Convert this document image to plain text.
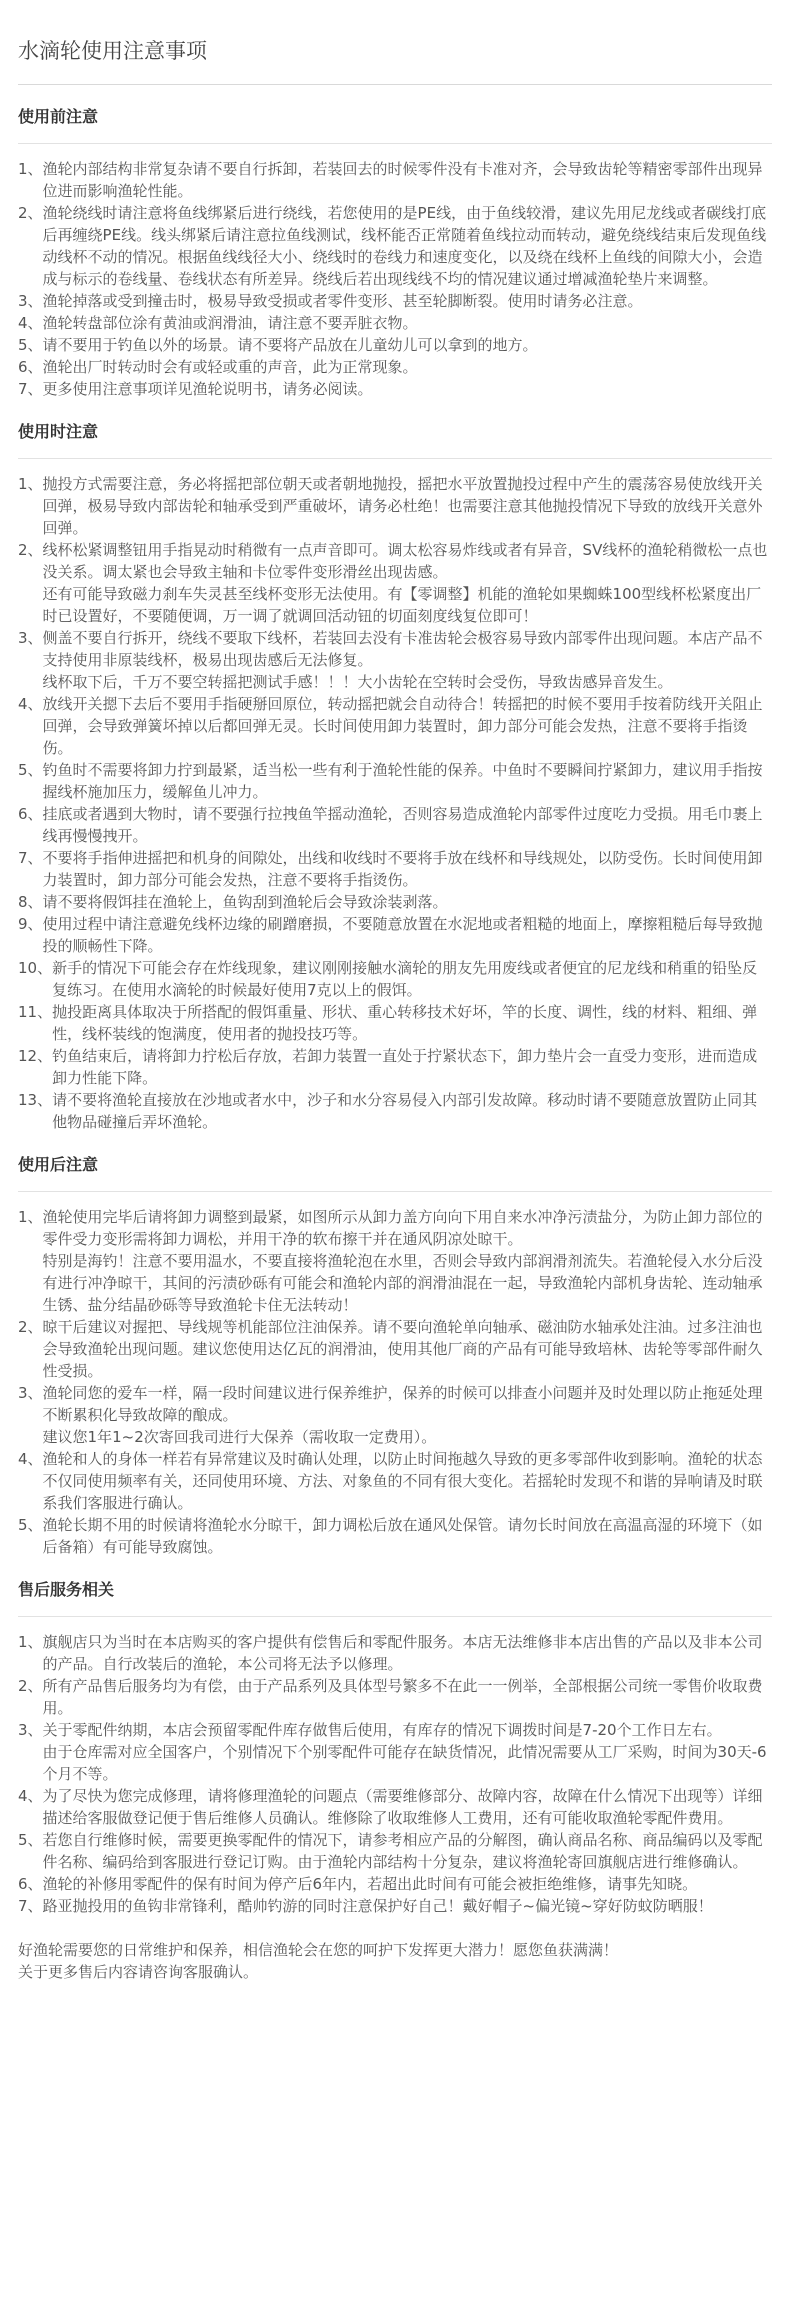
水滴轮使用注意事项
使用前注意
1、 渔轮内部结构非常复杂请不要自行拆卸，若装回去的时候零件没有卡准对齐，会导致齿轮等精密零部件出现异位进而影响渔轮性能。

2、 渔轮绕线时请注意将鱼线绑紧后进行绕线，若您使用的是PE线，由于鱼线较滑，建议先用尼龙线或者碳线打底后再缠绕PE线。线头绑紧后请注意拉鱼线测试，线杯能否正常随着鱼线拉动而转动，避免绕线结束后发现鱼线动线杯不动的情况。根据鱼线线径大小、绕线时的卷线力和速度变化，以及绕在线杯上鱼线的间隙大小，会造成与标示的卷线量、卷线状态有所差异。绕线后若出现线线不均的情况建议通过增减渔轮垫片来调整。

3、 渔轮掉落或受到撞击时，极易导致受损或者零件变形、甚至轮脚断裂。使用时请务必注意。

4、 渔轮转盘部位涂有黄油或润滑油，请注意不要弄脏衣物。

5、 请不要用于钓鱼以外的场景。请不要将产品放在儿童幼儿可以拿到的地方。

6、 渔轮出厂时转动时会有或轻或重的声音，此为正常现象。

7、 更多使用注意事项详见渔轮说明书，请务必阅读。

使用时注意
1、 抛投方式需要注意，务必将摇把部位朝天或者朝地抛投，摇把水平放置抛投过程中产生的震荡容易使放线开关回弹，极易导致内部齿轮和轴承受到严重破坏，请务必杜绝！也需要注意其他抛投情况下导致的放线开关意外回弹。

2、 线杯松紧调整钮用手指晃动时稍微有一点声音即可。调太松容易炸线或者有异音，SV线杯的渔轮稍微松一点也没关系。调太紧也会导致主轴和卡位零件变形滑丝出现齿感。

还有可能导致磁力刹车失灵甚至线杯变形无法使用。有【零调整】机能的渔轮如果蜘蛛100型线杯松紧度出厂时已设置好，不要随便调，万一调了就调回活动钮的切面刻度线复位即可！

3、 侧盖不要自行拆开，绕线不要取下线杯，若装回去没有卡准齿轮会极容易导致内部零件出现问题。本店产品不支持使用非原装线杯，极易出现齿感后无法修复。

线杯取下后，千万不要空转摇把测试手感！！！大小齿轮在空转时会受伤，导致齿感异音发生。

4、 放线开关摁下去后不要用手指硬掰回原位，转动摇把就会自动待合！转摇把的时候不要用手按着防线开关阻止回弹，会导致弹簧坏掉以后都回弹无灵。长时间使用卸力装置时，卸力部分可能会发热，注意不要将手指烫伤。

5、 钓鱼时不需要将卸力拧到最紧，适当松一些有利于渔轮性能的保养。中鱼时不要瞬间拧紧卸力，建议用手指按握线杯施加压力，缓解鱼儿冲力。

6、 挂底或者遇到大物时，请不要强行拉拽鱼竿摇动渔轮，否则容易造成渔轮内部零件过度吃力受损。用毛巾裹上线再慢慢拽开。

7、 不要将手指伸进摇把和机身的间隙处，出线和收线时不要将手放在线杯和导线规处，以防受伤。长时间使用卸力装置时，卸力部分可能会发热，注意不要将手指烫伤。

8、 请不要将假饵挂在渔轮上，鱼钩刮到渔轮后会导致涂装剥落。

9、 使用过程中请注意避免线杯边缘的刷蹭磨损，不要随意放置在水泥地或者粗糙的地面上，摩擦粗糙后每导致抛投的顺畅性下降。

10、 新手的情况下可能会存在炸线现象，建议刚刚接触水滴轮的朋友先用废线或者便宜的尼龙线和稍重的铅坠反复练习。在使用水滴轮的时候最好使用7克以上的假饵。

11、 抛投距离具体取决于所搭配的假饵重量、形状、重心转移技术好坏，竿的长度、调性，线的材料、粗细、弹性，线杯装线的饱满度，使用者的抛投技巧等。

12、 钓鱼结束后，请将卸力拧松后存放，若卸力装置一直处于拧紧状态下，卸力垫片会一直受力变形，进而造成卸力性能下降。

13、 请不要将渔轮直接放在沙地或者水中，沙子和水分容易侵入内部引发故障。移动时请不要随意放置防止同其他物品碰撞后弄坏渔轮。

使用后注意
1、 渔轮使用完毕后请将卸力调整到最紧，如图所示从卸力盖方向向下用自来水冲净污渍盐分，为防止卸力部位的零件受力变形需将卸力调松，并用干净的软布擦干并在通风阴凉处晾干。

特别是海钓！注意不要用温水，不要直接将渔轮泡在水里，否则会导致内部润滑剂流失。若渔轮侵入水分后没有进行冲净晾干，其间的污渍砂砾有可能会和渔轮内部的润滑油混在一起，导致渔轮内部机身齿轮、连动轴承生锈、盐分结晶砂砾等导致渔轮卡住无法转动！

2、 晾干后建议对握把、导线规等机能部位注油保养。请不要向渔轮单向轴承、磁油防水轴承处注油。过多注油也会导致渔轮出现问题。建议您使用达亿瓦的润滑油，使用其他厂商的产品有可能导致培林、齿轮等零部件耐久性受损。

3、 渔轮同您的爱车一样，隔一段时间建议进行保养维护，保养的时候可以排查小问题并及时处理以防止拖延处理不断累积化导致故障的酿成。

建议您1年1~2次寄回我司进行大保养（需收取一定费用）。

4、 渔轮和人的身体一样若有异常建议及时确认处理，以防止时间拖越久导致的更多零部件收到影响。渔轮的状态不仅同使用频率有关，还同使用环境、方法、对象鱼的不同有很大变化。若摇轮时发现不和谐的异响请及时联系我们客服进行确认。

5、 渔轮长期不用的时候请将渔轮水分晾干，卸力调松后放在通风处保管。请勿长时间放在高温高湿的环境下（如后备箱）有可能导致腐蚀。

售后服务相关
1、 旗舰店只为当时在本店购买的客户提供有偿售后和零配件服务。本店无法维修非本店出售的产品以及非本公司的产品。自行改装后的渔轮，本公司将无法予以修理。

2、 所有产品售后服务均为有偿，由于产品系列及具体型号繁多不在此一一例举，全部根据公司统一零售价收取费用。

3、 关于零配件纳期，本店会预留零配件库存做售后使用，有库存的情况下调拨时间是7-20个工作日左右。

由于仓库需对应全国客户，个别情况下个别零配件可能存在缺货情况，此情况需要从工厂采购，时间为30天-6个月不等。

4、 为了尽快为您完成修理，请将修理渔轮的问题点（需要维修部分、故障内容，故障在什么情况下出现等）详细描述给客服做登记便于售后维修人员确认。维修除了收取维修人工费用，还有可能收取渔轮零配件费用。

5、 若您自行维修时候，需要更换零配件的情况下，请参考相应产品的分解图，确认商品名称、商品编码以及零配件名称、编码给到客服进行登记订购。由于渔轮内部结构十分复杂，建议将渔轮寄回旗舰店进行维修确认。

6、 渔轮的补修用零配件的保有时间为停产后6年内，若超出此时间有可能会被拒绝维修，请事先知晓。

7、 路亚抛投用的鱼钩非常锋利，酷帅钓游的同时注意保护好自己！戴好帽子~偏光镜~穿好防蚊防晒服！

好渔轮需要您的日常维护和保养，相信渔轮会在您的呵护下发挥更大潜力！愿您鱼获满满！

关于更多售后内容请咨询客服确认。
